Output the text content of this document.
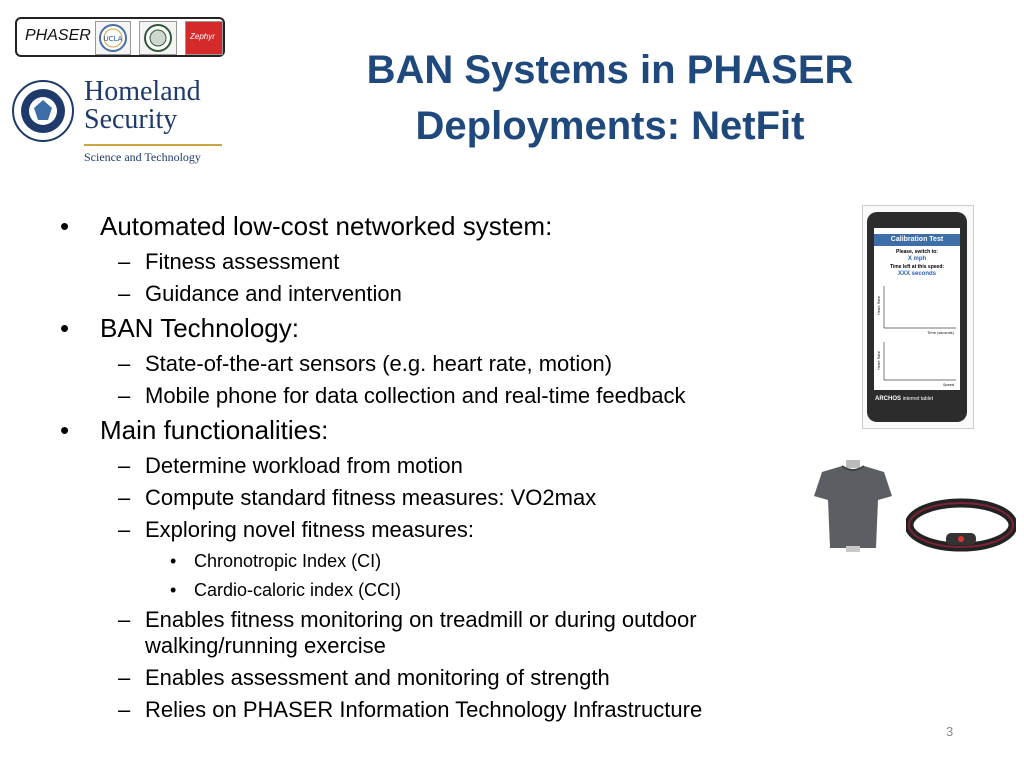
PHASER UCLA	Zephyr
Homeland
Security
Science and Technology
BAN Systems in PHASER
Deployments: NetFit
• Automated low-cost networked system:
– Fitness assessment
– Guidance and intervention
• BAN Technology:
– State-of-the-art sensors (e.g. heart rate, motion)
– Mobile phone for data collection and real-time feedback
• Main functionalities:
– Determine workload from motion
– Compute standard fitness measures: VO2max
– Exploring novel fitness measures:
• Chronotropic Index (CI)
• Cardio-caloric index (CCI)
– Enables fitness monitoring on treadmill or during outdoor
walking/running exercise
– Enables assessment and monitoring of strength
– Relies on PHASER Information Technology Infrastructure
Calibration Test
Please, switch to:
X mph
Time left at this speed:
XXX seconds
Heart Rate
Time (seconds)
Heart Rate
Speed
ARCHOS internet tablet
3
